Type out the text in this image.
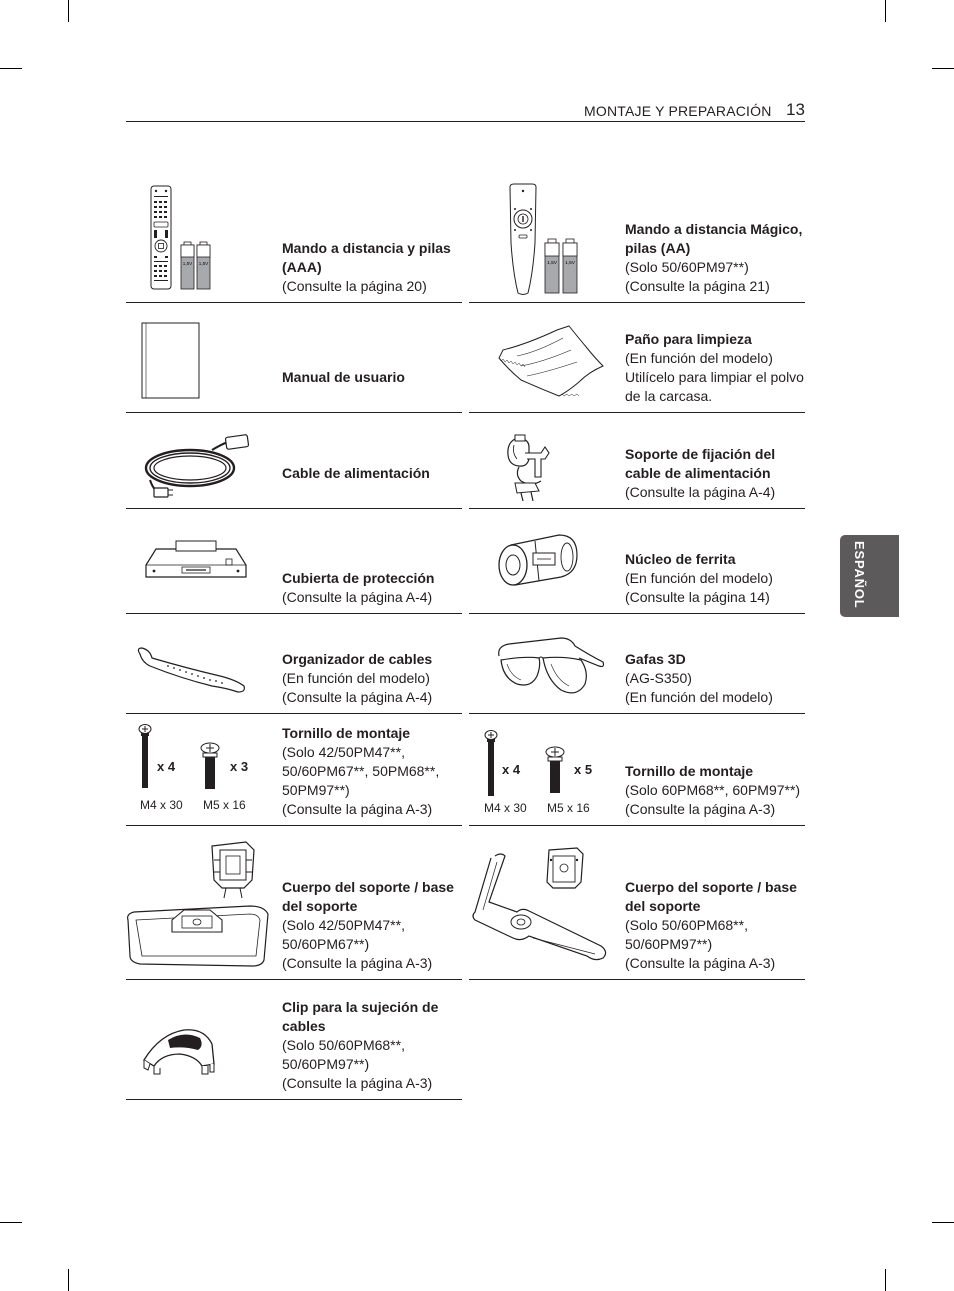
MONTAJE Y PREPARACIÓN 13
ESPAÑOL
1,5V 1,5V
Mando a distancia y pilas (AAA)
(Consulte la página 20)
1,5V 1,5V
Mando a distancia Mágico, pilas (AA)
(Solo 50/60PM97**)
(Consulte la página 21)
Manual de usuario
Paño para limpieza
(En función del modelo)
Utilícelo para limpiar el polvo de la carcasa.
Cable de alimentación
Soporte de fijación del cable de alimentación
(Consulte la página A-4)
Cubierta de protección
(Consulte la página A-4)
Núcleo de ferrita
(En función del modelo)
(Consulte la página 14)
Organizador de cables
(En función del modelo)
(Consulte la página A-4)
Gafas 3D
(AG-S350)
(En función del modelo)
x 4
M4 x 30
x 3
M5 x 16
Tornillo de montaje
(Solo 42/50PM47**, 50/60PM67**, 50PM68**, 50PM97**)
(Consulte la página A-3)
x 4
M4 x 30
x 5
M5 x 16
Tornillo de montaje
(Solo 60PM68**, 60PM97**)
(Consulte la página A-3)
Cuerpo del soporte / base del soporte
(Solo 42/50PM47**, 50/60PM67**)
(Consulte la página A-3)
Cuerpo del soporte / base del soporte
(Solo 50/60PM68**, 50/60PM97**)
(Consulte la página A-3)
Clip para la sujeción de cables
(Solo 50/60PM68**, 50/60PM97**)
(Consulte la página A-3)
